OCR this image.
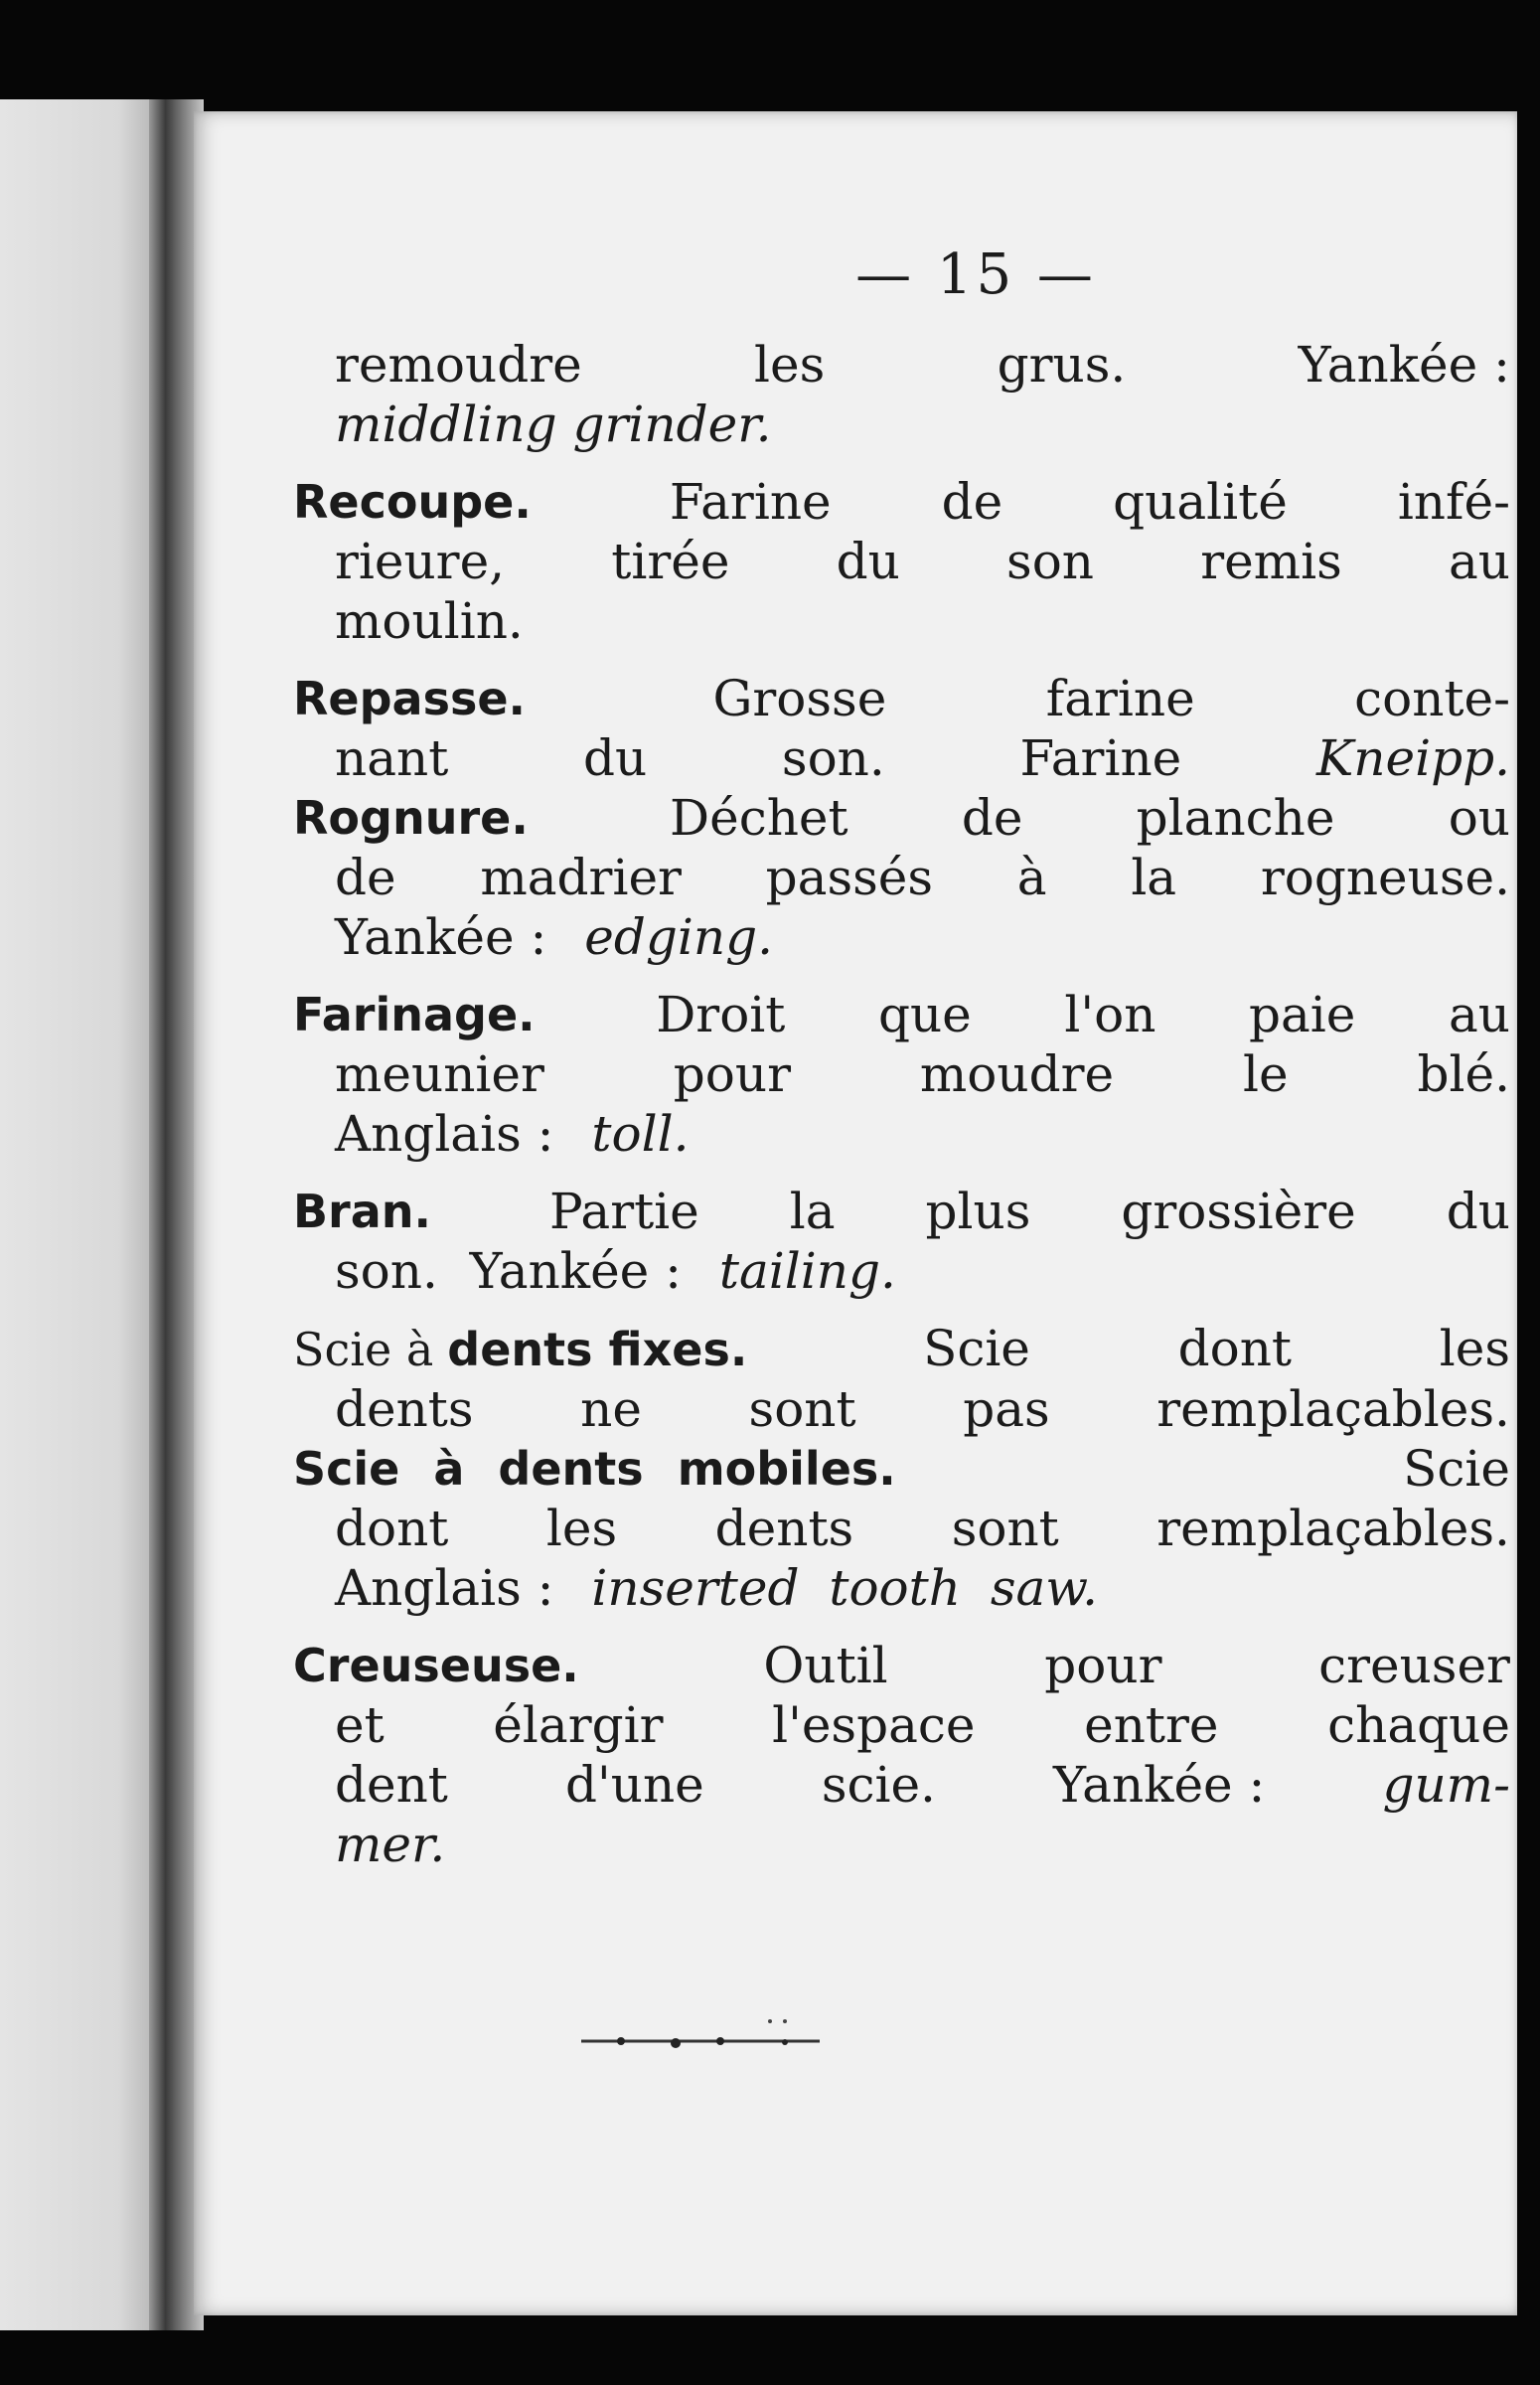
— 15 —
remoudre	les	grus.	Yankée :
middling grinder.
Recoupe.	Farine de qualité infé-
rieure, tirée du son remis au
moulin.
Repasse.	Grosse	farine	conte-
nant	du	son.	Farine	Kneipp.
Rognure.	Déchet de planche ou
de madrier passés à la rogneuse.
Yankée : edging.
Farinage. Droit que l'on paie au
meunier	pour	moudre	le	blé.
Anglais : toll.
Bran. Partie la plus grossière du
son.  Yankée : tailing.
Scie à dents fixes.	Scie	dont	les
dents ne sont pas remplaçables.
Scie à dents mobiles.	Scie
dont les dents sont remplaçables.
Anglais : inserted tooth saw.
Creuseuse.	Outil	pour	creuser
et élargir l'espace entre chaque
dent d'une scie. Yankée : gum-
mer.
